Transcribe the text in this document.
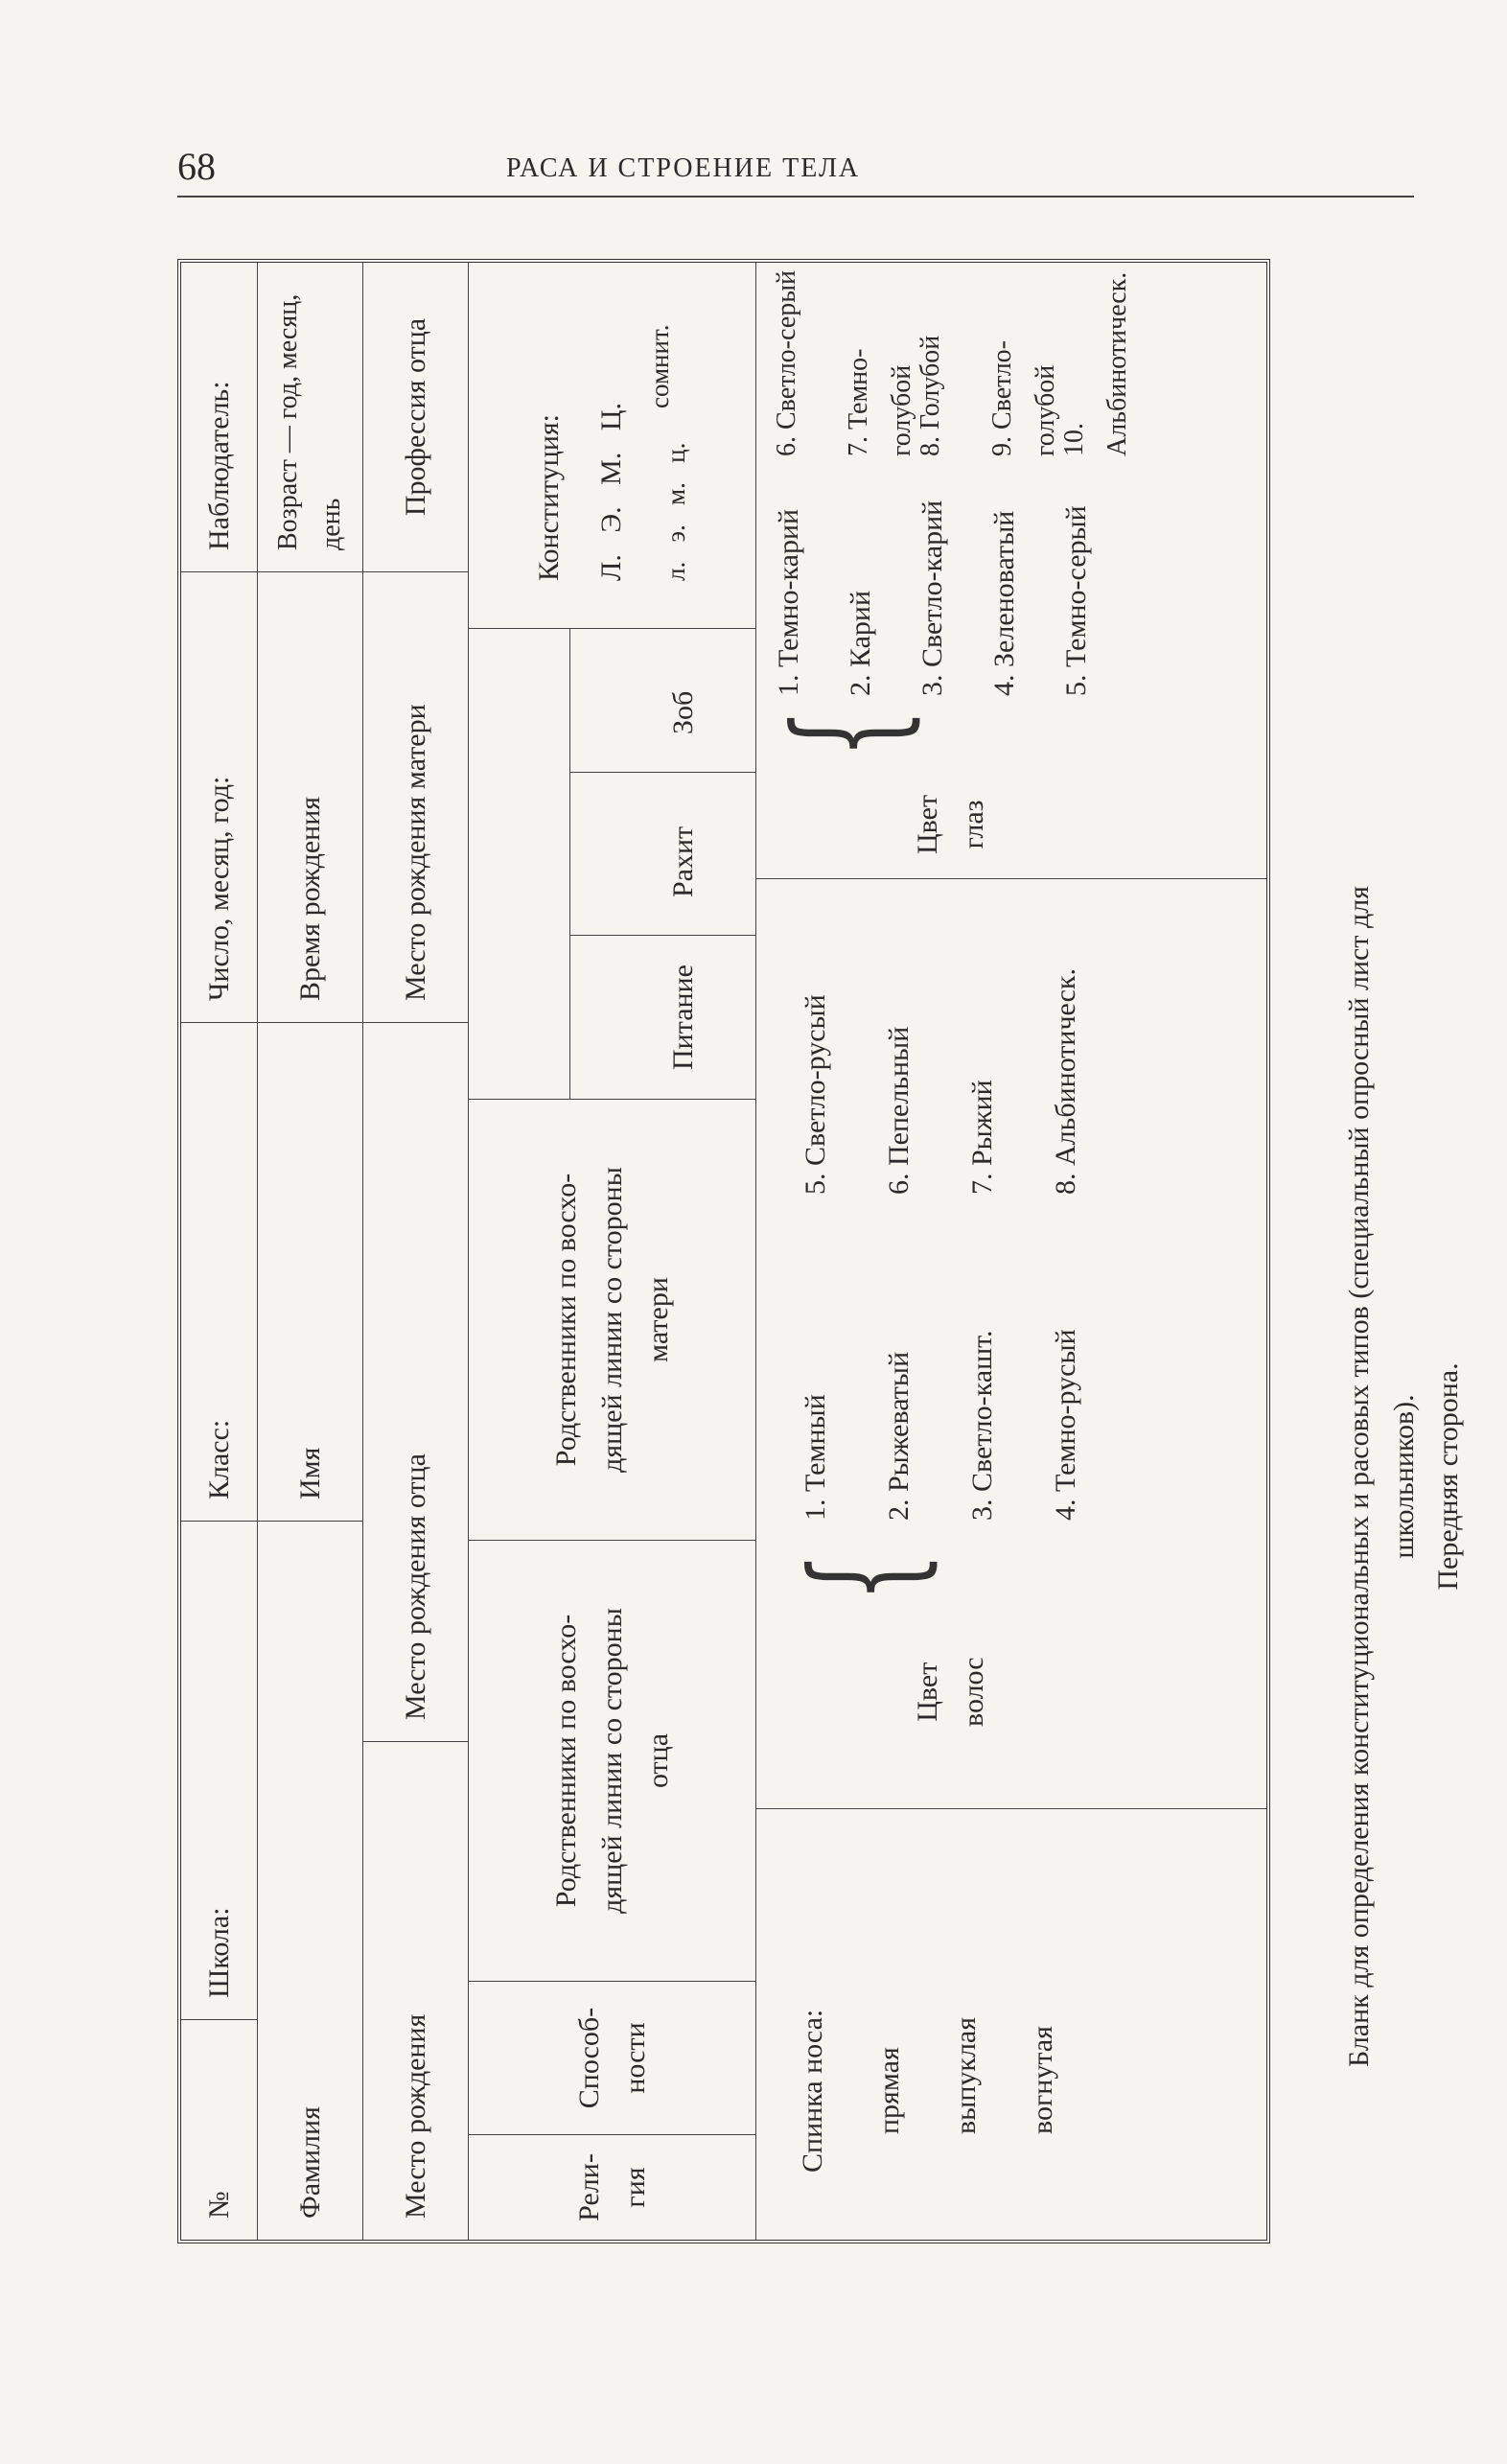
68	РАСА И СТРОЕНИЕ ТЕЛА
№
Школа:
Класс:
Число, месяц, год:
Наблюдатель:
Фамилия
Имя
Время рождения
Возраст — год, месяц, день
Место рождения
Место рождения отца
Место рождения матери
Профессия отца
Рели-
гия
Способ-
ности
Родственники по восхо-
дящей линии со стороны
отца
Родственники по восхо-
дящей линии со стороны
матери
Питание
Рахит
Зоб
Конституция: Л.   Э.   М.   Ц. л.   э.   м.   ц.
сомнит.
Спинка носа: прямая выпуклая вогнутая
Цвет
волос
{
1. Темный 2. Рыжеватый 3. Светло-кашт. 4. Темно-русый
5. Светло-русый 6. Пепельный 7. Рыжий 8. Альбинотическ.
Цвет
глаз
{
1. Темно-карий 2. Карий 3. Светло-карий 4. Зеленоватый 5. Темно-серый
6. Светло-серый 7. Темно-голубой 8. Голубой 9. Светло-голубой 10. Альбинотическ.
Бланк для определения конституциональных и расовых типов (специальный опросный лист для школьников). Передняя сторона.
